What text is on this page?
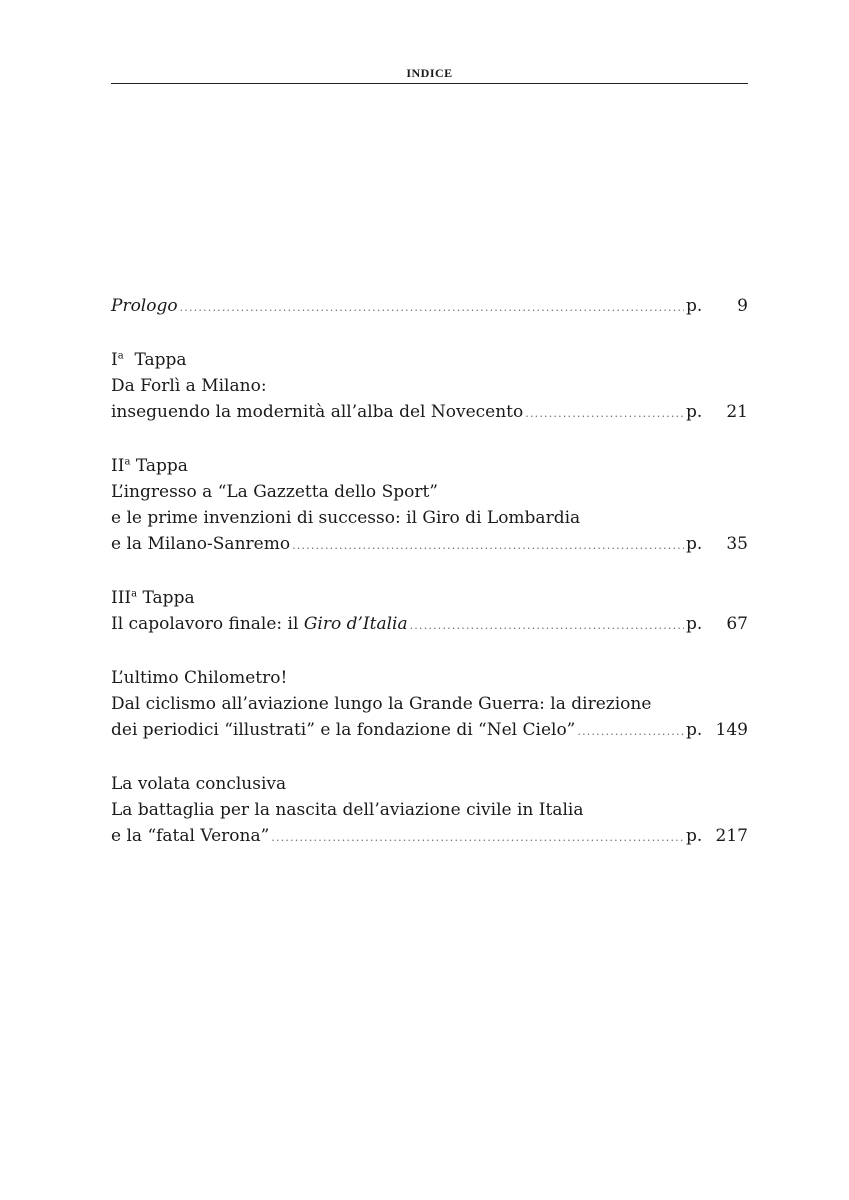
INDICE
Prologo .....	p.	9
$I^a$ Tappa
Da Forlì a Milano:
inseguendo la modernità all’alba del Novecento .....	p.	21
$II^a$ Tappa
L’ingresso a “La Gazzetta dello Sport”
e le prime invenzioni di successo: il Giro di Lombardia
e la Milano-Sanremo .....	p.	35
III$^a$ Tappa
Il capolavoro finale: il Giro d’Italia .....	p.	67
L’ultimo Chilometro!
Dal ciclismo all’aviazione lungo la Grande Guerra: la direzione
dei periodici “illustrati” e la fondazione di “Nel Cielo” .....	p. 149
La volata conclusiva
La battaglia per la nascita dell’aviazione civile in Italia
e la “fatal Verona” .....	p. 217
